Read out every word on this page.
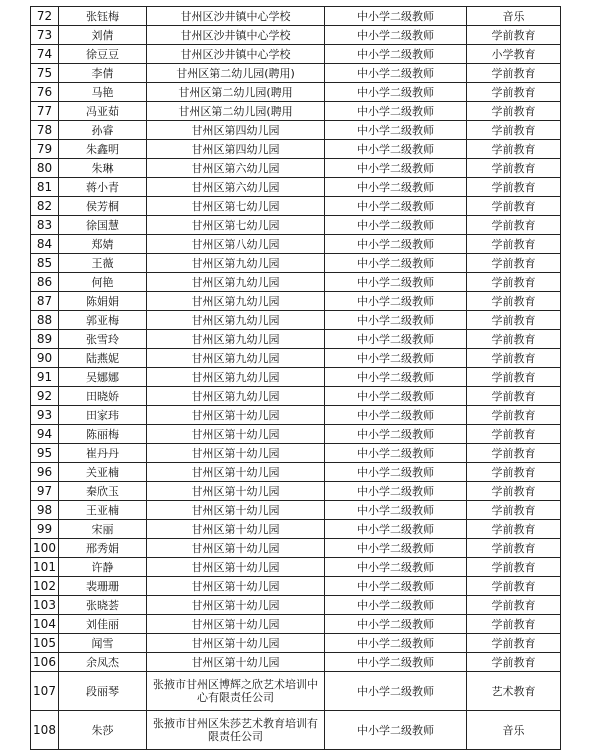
72	张钰梅	甘州区沙井镇中心学校	中小学二级教师	音乐
73	刘倩	甘州区沙井镇中心学校	中小学二级教师	学前教育
74	徐豆豆	甘州区沙井镇中心学校	中小学二级教师	小学教育
75	李倩	甘州区第二幼儿园(聘用)	中小学二级教师	学前教育
76	马艳	甘州区第二幼儿园(聘用	中小学二级教师	学前教育
77	冯亚茹	甘州区第二幼儿园(聘用	中小学二级教师	学前教育
78	孙睿	甘州区第四幼儿园	中小学二级教师	学前教育
79	朱鑫明	甘州区第四幼儿园	中小学二级教师	学前教育
80	朱琳	甘州区第六幼儿园	中小学二级教师	学前教育
81	蒋小青	甘州区第六幼儿园	中小学二级教师	学前教育
82	侯芳桐	甘州区第七幼儿园	中小学二级教师	学前教育
83	徐国慧	甘州区第七幼儿园	中小学二级教师	学前教育
84	郑婧	甘州区第八幼儿园	中小学二级教师	学前教育
85	王薇	甘州区第九幼儿园	中小学二级教师	学前教育
86	何艳	甘州区第九幼儿园	中小学二级教师	学前教育
87	陈娟娟	甘州区第九幼儿园	中小学二级教师	学前教育
88	郭亚梅	甘州区第九幼儿园	中小学二级教师	学前教育
89	张雪玲	甘州区第九幼儿园	中小学二级教师	学前教育
90	陆燕妮	甘州区第九幼儿园	中小学二级教师	学前教育
91	吴娜娜	甘州区第九幼儿园	中小学二级教师	学前教育
92	田晓娇	甘州区第九幼儿园	中小学二级教师	学前教育
93	田家玮	甘州区第十幼儿园	中小学二级教师	学前教育
94	陈丽梅	甘州区第十幼儿园	中小学二级教师	学前教育
95	崔丹丹	甘州区第十幼儿园	中小学二级教师	学前教育
96	关亚楠	甘州区第十幼儿园	中小学二级教师	学前教育
97	秦欣玉	甘州区第十幼儿园	中小学二级教师	学前教育
98	王亚楠	甘州区第十幼儿园	中小学二级教师	学前教育
99	宋丽	甘州区第十幼儿园	中小学二级教师	学前教育
100	邢秀娟	甘州区第十幼儿园	中小学二级教师	学前教育
101	许静	甘州区第十幼儿园	中小学二级教师	学前教育
102	裴珊珊	甘州区第十幼儿园	中小学二级教师	学前教育
103	张晓荟	甘州区第十幼儿园	中小学二级教师	学前教育
104	刘佳丽	甘州区第十幼儿园	中小学二级教师	学前教育
105	闻雪	甘州区第十幼儿园	中小学二级教师	学前教育
106	余凤杰	甘州区第十幼儿园	中小学二级教师	学前教育
107	段丽琴	张掖市甘州区博辉之欣艺术培训中心有限责任公司	中小学二级教师	艺术教育
108	朱莎	张掖市甘州区朱莎艺术教育培训有限责任公司	中小学二级教师	音乐
